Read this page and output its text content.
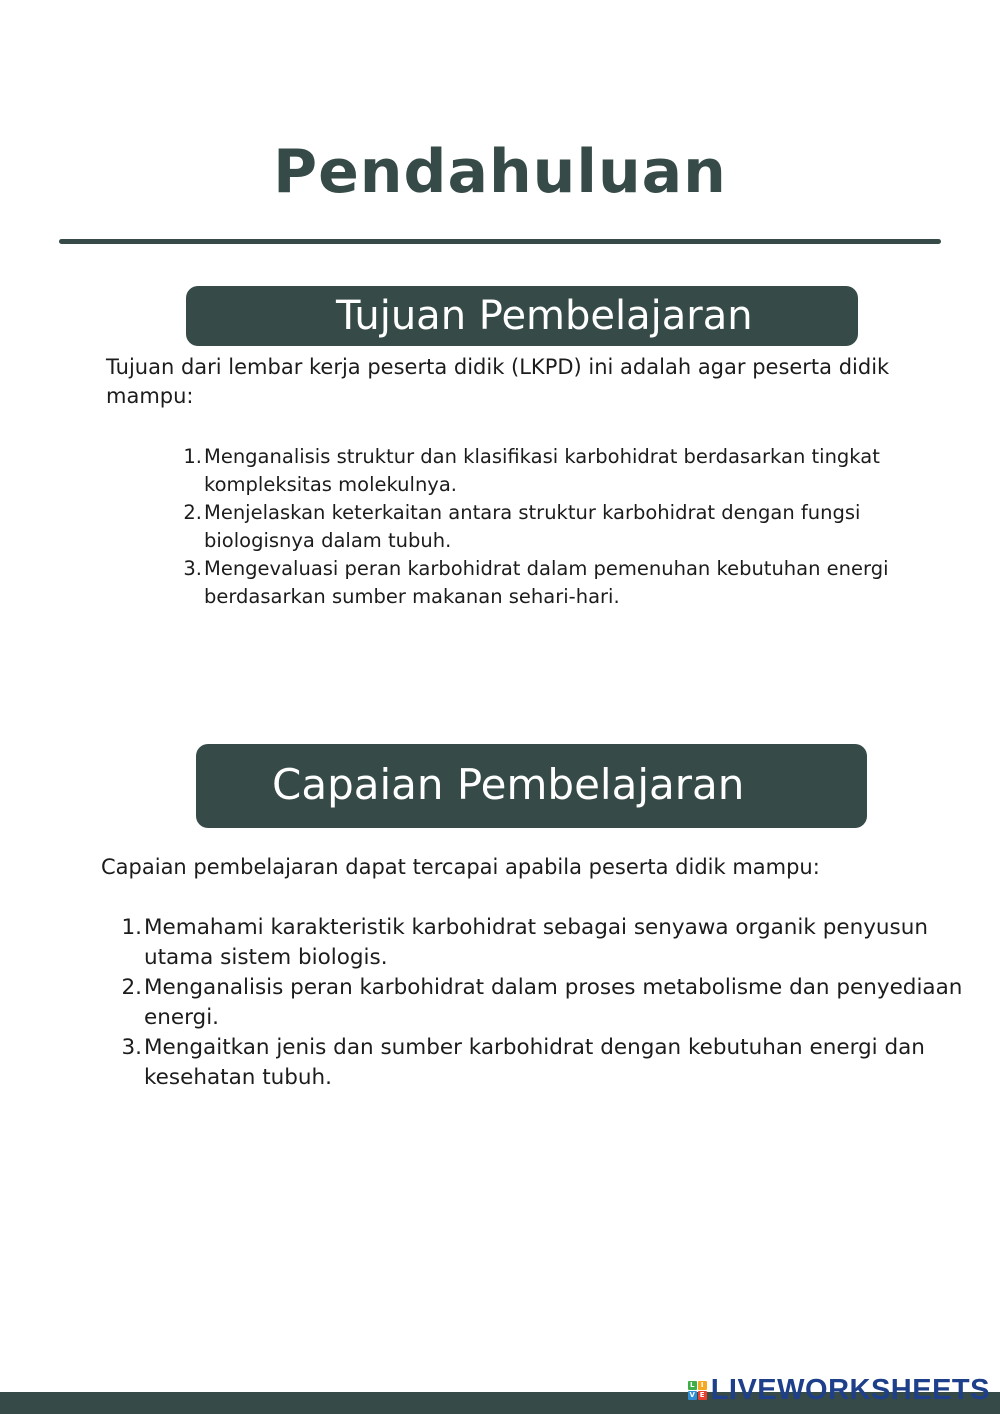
Pendahuluan
Tujuan Pembelajaran

Tujuan dari lembar kerja peserta didik (LKPD) ini adalah agar peserta didik mampu:

1. Menganalisis struktur dan klasifikasi karbohidrat berdasarkan tingkat kompleksitas molekulnya.
2. Menjelaskan keterkaitan antara struktur karbohidrat dengan fungsi biologisnya dalam tubuh.
3. Mengevaluasi peran karbohidrat dalam pemenuhan kebutuhan energi berdasarkan sumber makanan sehari-hari.
Capaian Pembelajaran

Capaian pembelajaran dapat tercapai apabila peserta didik mampu:

1. Memahami karakteristik karbohidrat sebagai senyawa organik penyusun utama sistem biologis.
2. Menganalisis peran karbohidrat dalam proses metabolisme dan penyediaan energi.
3. Mengaitkan jenis dan sumber karbohidrat dengan kebutuhan energi dan kesehatan tubuh.
L I
V E LIVEWORKSHEETS
